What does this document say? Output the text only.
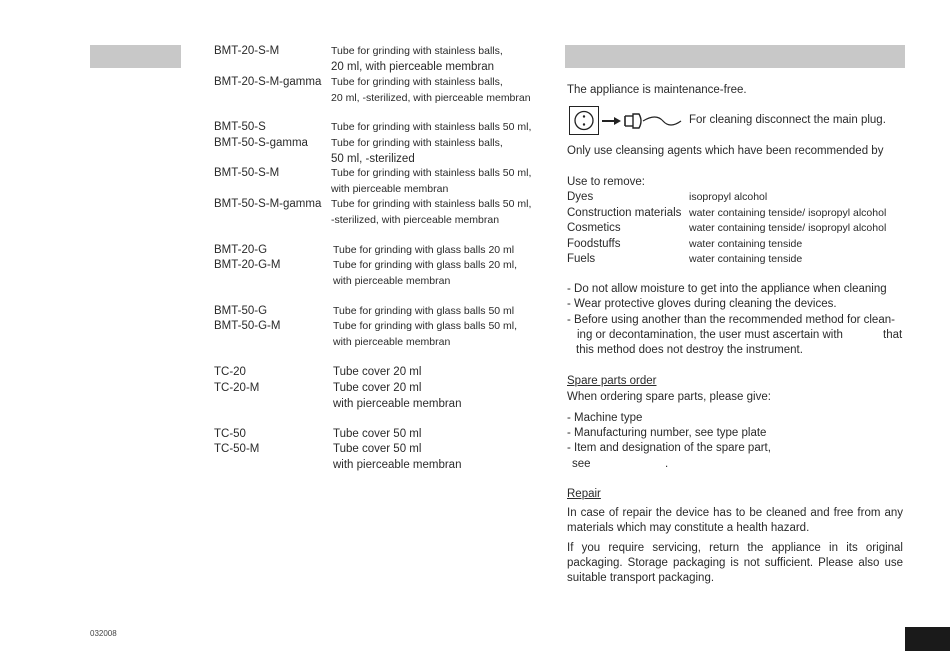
BMT-20-S-M	Tube for grinding with stainless balls,
20 ml, with pierceable membran
BMT-20-S-M-gamma Tube for grinding with stainless balls,
20 ml, -sterilized, with pierceable membran
BMT-50-S	Tube for grinding with stainless balls 50 ml,
BMT-50-S-gamma Tube for grinding with stainless balls,
50 ml, -sterilized
BMT-50-S-M	Tube for grinding with stainless balls 50 ml,
with pierceable membran
BMT-50-S-M-gamma Tube for grinding with stainless balls 50 ml,
-sterilized, with pierceable membran
BMT-20-G	Tube for grinding with glass balls 20 ml
BMT-20-G-M	Tube for grinding with glass balls 20 ml,
with pierceable membran
BMT-50-G	Tube for grinding with glass balls 50 ml
BMT-50-G-M	Tube for grinding with glass balls 50 ml,
with pierceable membran
TC-20	Tube cover 20 ml
TC-20-M	Tube cover 20 ml
with pierceable membran
TC-50	Tube cover 50 ml
TC-50-M	Tube cover 50 ml
with pierceable membran
The appliance is maintenance-free.
For cleaning disconnect the main plug.
Only use cleansing agents which have been recommended by
Use to remove:
Dyes	isopropyl alcohol
Construction materials water containing tenside/ isopropyl alcohol
Cosmetics	water containing tenside/ isopropyl alcohol
Foodstuffs	water containing tenside
Fuels	water containing tenside
- Do not allow moisture to get into the appliance when cleaning
- Wear protective gloves during cleaning the devices.
- Before using another than the recommended method for clean-
ing or decontamination, the user must ascertain with	that
this method does not destroy the instrument.
Spare parts order
When ordering spare parts, please give:
- Machine type
- Manufacturing number, see type plate
- Item and designation of the spare part,
see	.
Repair
In case of repair the device has to be cleaned and free from any materials which may constitute a health hazard.
If you require servicing, return the appliance in its original packaging. Storage packaging is not sufficient. Please also use suitable transport packaging.
032008
